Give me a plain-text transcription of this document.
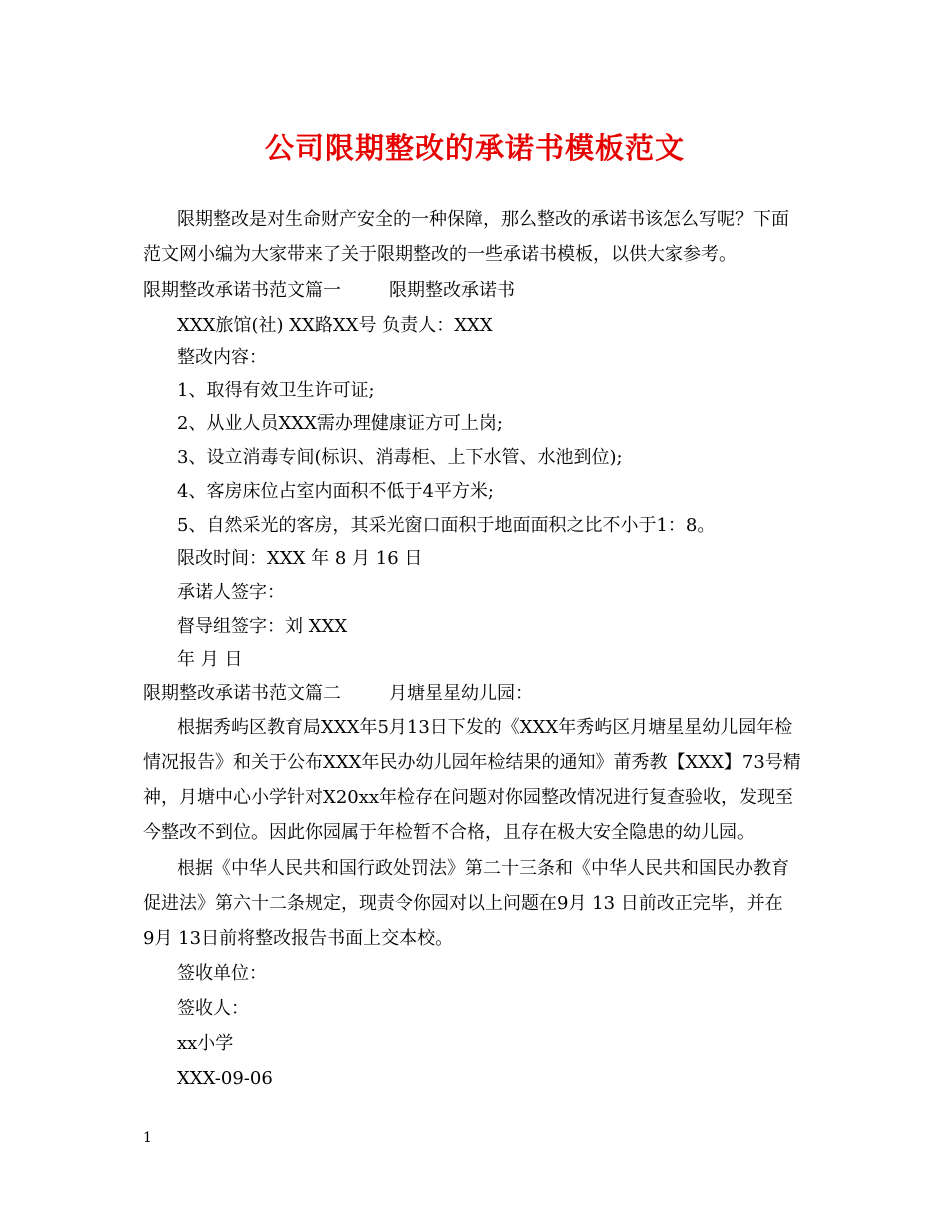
公司限期整改的承诺书模板范文
限期整改是对生命财产安全的一种保障，那么整改的承诺书该怎么写呢？下面
范文网小编为大家带来了关于限期整改的一些承诺书模板，以供大家参考。
限期整改承诺书范文篇一	限期整改承诺书
XXX旅馆(社) XX路XX号 负责人：XXX
整改内容：
1、取得有效卫生许可证;
2、从业人员XXX需办理健康证方可上岗;
3、设立消毒专间(标识、消毒柜、上下水管、水池到位);
4、客房床位占室内面积不低于4平方米;
5、自然采光的客房，其采光窗口面积于地面面积之比不小于1：8。
限改时间：XXX 年 8 月 16 日
承诺人签字：
督导组签字：刘 XXX
年 月 日
限期整改承诺书范文篇二	月塘星星幼儿园：
根据秀屿区教育局XXX年5月13日下发的《XXX年秀屿区月塘星星幼儿园年检
情况报告》和关于公布XXX年民办幼儿园年检结果的通知》莆秀教【XXX】73号精
神，月塘中心小学针对X20xx年检存在问题对你园整改情况进行复查验收，发现至
今整改不到位。因此你园属于年检暂不合格，且存在极大安全隐患的幼儿园。
根据《中华人民共和国行政处罚法》第二十三条和《中华人民共和国民办教育
促进法》第六十二条规定，现责令你园对以上问题在9月 13 日前改正完毕，并在
9月 13日前将整改报告书面上交本校。
签收单位：
签收人：
xx小学
XXX-09-06
1
